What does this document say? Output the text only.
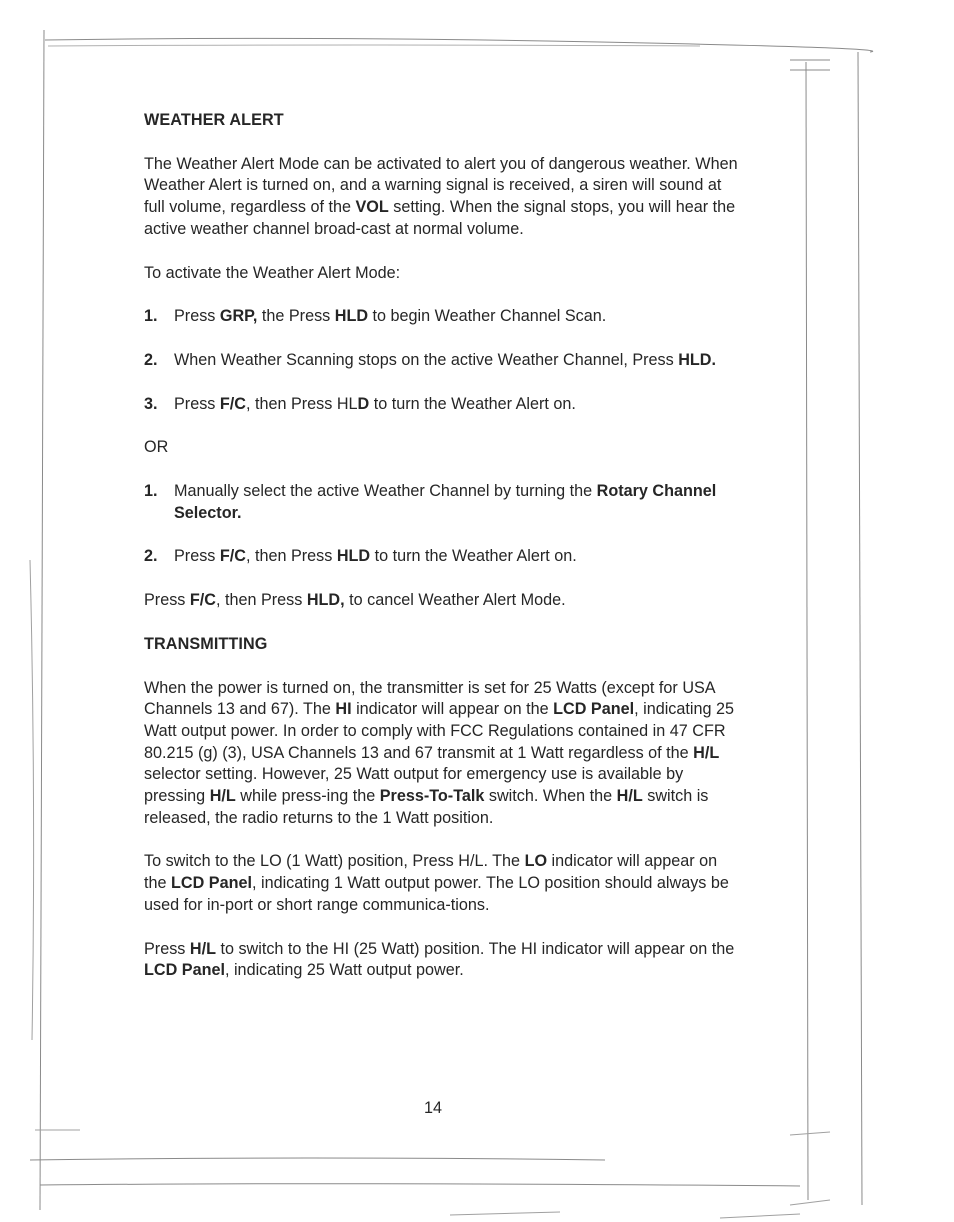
WEATHER ALERT

The Weather Alert Mode can be activated to alert you of dangerous weather. When Weather Alert is turned on, and a warning signal is received, a siren will sound at full volume, regardless of the VOL setting. When the signal stops, you will hear the active weather channel broad-cast at normal volume.

To activate the Weather Alert Mode:

1. Press GRP, the Press HLD to begin Weather Channel Scan.
2. When Weather Scanning stops on the active Weather Channel, Press HLD.
3. Press F/C, then Press HLD to turn the Weather Alert on.

OR

1. Manually select the active Weather Channel by turning the Rotary Channel Selector.
2. Press F/C, then Press HLD to turn the Weather Alert on.

Press F/C, then Press HLD, to cancel Weather Alert Mode.

TRANSMITTING

When the power is turned on, the transmitter is set for 25 Watts (except for USA Channels 13 and 67). The HI indicator will appear on the LCD Panel, indicating 25 Watt output power. In order to comply with FCC Regulations contained in 47 CFR 80.215 (g) (3), USA Channels 13 and 67 transmit at 1 Watt regardless of the H/L selector setting. However, 25 Watt output for emergency use is available by pressing H/L while press-ing the Press-To-Talk switch. When the H/L switch is released, the radio returns to the 1 Watt position.

To switch to the LO (1 Watt) position, Press H/L. The LO indicator will appear on the LCD Panel, indicating 1 Watt output power. The LO position should always be used for in-port or short range communica-tions.

Press H/L to switch to the HI (25 Watt) position. The HI indicator will appear on the LCD Panel, indicating 25 Watt output power.

14
